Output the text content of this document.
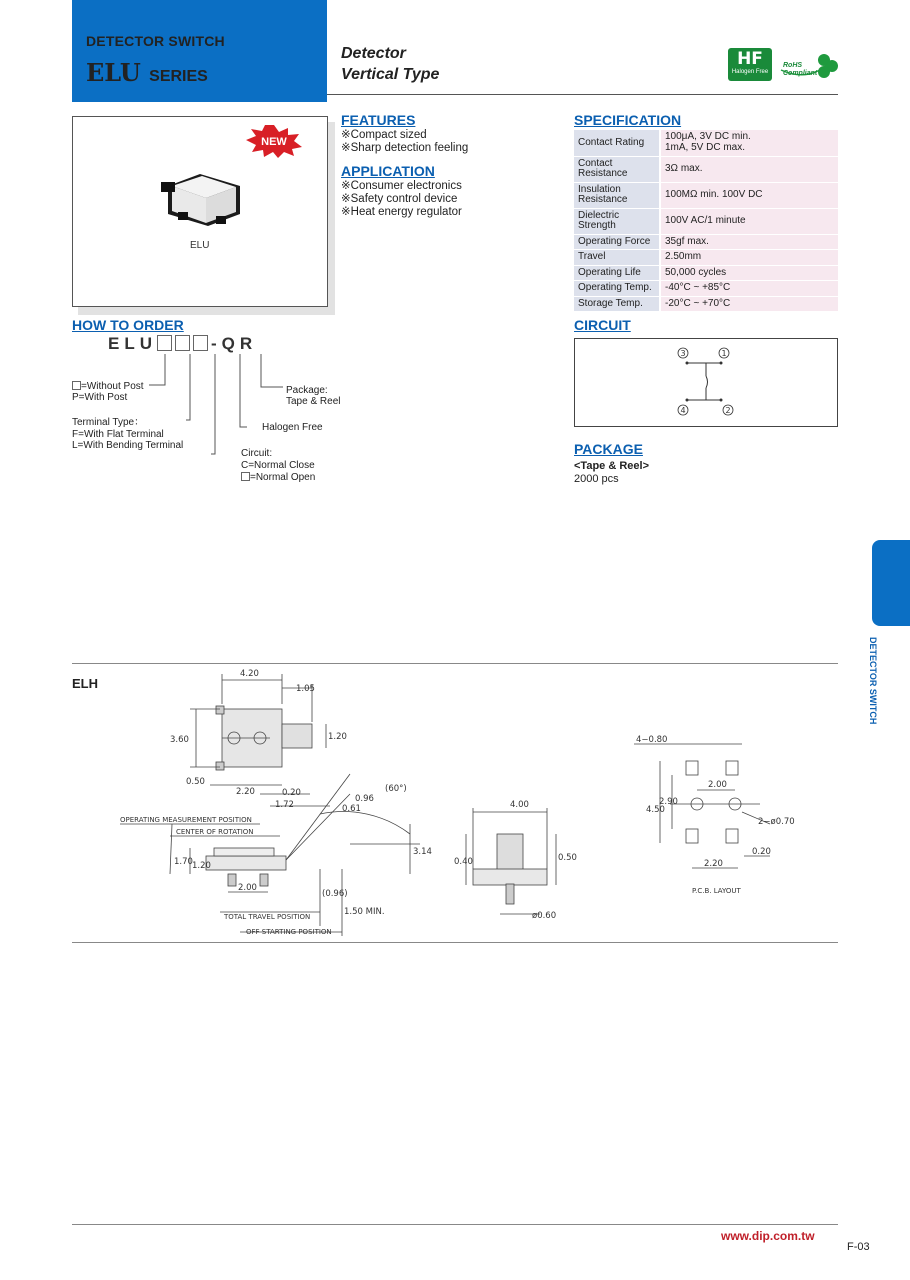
DETECTOR SWITCH
ELU SERIES
Detector
Vertical Type
HF
Halogen Free
RoHS
Compliant
NEW
ELU
FEATURES
※Compact sized
※Sharp detection feeling
APPLICATION
※Consumer electronics
※Safety control device
※Heat energy regulator
SPECIFICATION
Contact Rating	100μA, 3V DC min.
1mA, 5V DC max.

Contact Resistance	3Ω max.
Insulation Resistance	100MΩ min. 100V DC
Dielectric Strength	100V AC/1 minute
Operating Force	35gf max.
Travel	2.50mm
Operating Life	50,000 cycles
Operating Temp.	-40°C ~ +85°C
Storage Temp.	-20°C ~ +70°C
HOW TO ORDER
ELU	-QR
=Without Post
P=With Post
Terminal Type：
F=With Flat Terminal
L=With Bending Terminal
Circuit:
C=Normal Close
=Normal Open
Package:
Tape & Reel
Halogen Free
CIRCUIT
3	1
4	2
PACKAGE
<Tape & Reel>
2000 pcs
DETECTOR SWITCH
ELH
4.20
1.05
3.60	1.20
0.50
2.20	0.20
1.72
0.96
0.61
(60°)
3.14
1.70 1.20
2.00
(0.96)
1.50 MIN.
4.00
0.40	0.50
ø0.60
4−0.80
4.50
2.90
2.00
2−ø0.70
0.20
2.20
OPERATING MEASUREMENT POSITION
CENTER OF ROTATION
TOTAL TRAVEL POSITION
OFF STARTING POSITION
P.C.B. LAYOUT
www.dip.com.tw
F-03
